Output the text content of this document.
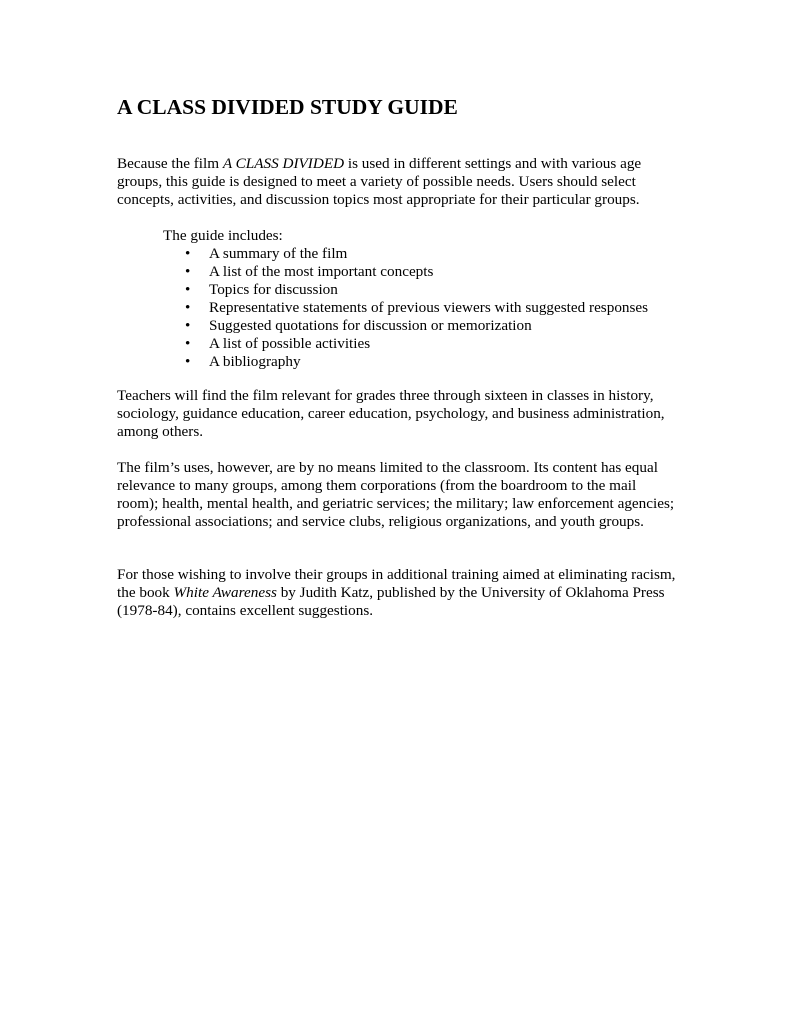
A CLASS DIVIDED STUDY GUIDE

Because the film A CLASS DIVIDED is used in different settings and with various age groups, this guide is designed to meet a variety of possible needs. Users should select concepts, activities, and discussion topics most appropriate for their particular groups.

The guide includes:

• A summary of the film
• A list of the most important concepts
• Topics for discussion
• Representative statements of previous viewers with suggested responses
• Suggested quotations for discussion or memorization
• A list of possible activities
• A bibliography

Teachers will find the film relevant for grades three through sixteen in classes in history, sociology, guidance education, career education, psychology, and business administration, among others.

The film’s uses, however, are by no means limited to the classroom. Its content has equal relevance to many groups, among them corporations (from the boardroom to the mail room); health, mental health, and geriatric services; the military; law enforcement agencies; professional associations; and service clubs, religious organizations, and youth groups.

For those wishing to involve their groups in additional training aimed at eliminating racism, the book White Awareness by Judith Katz, published by the University of Oklahoma Press (1978-84), contains excellent suggestions.
